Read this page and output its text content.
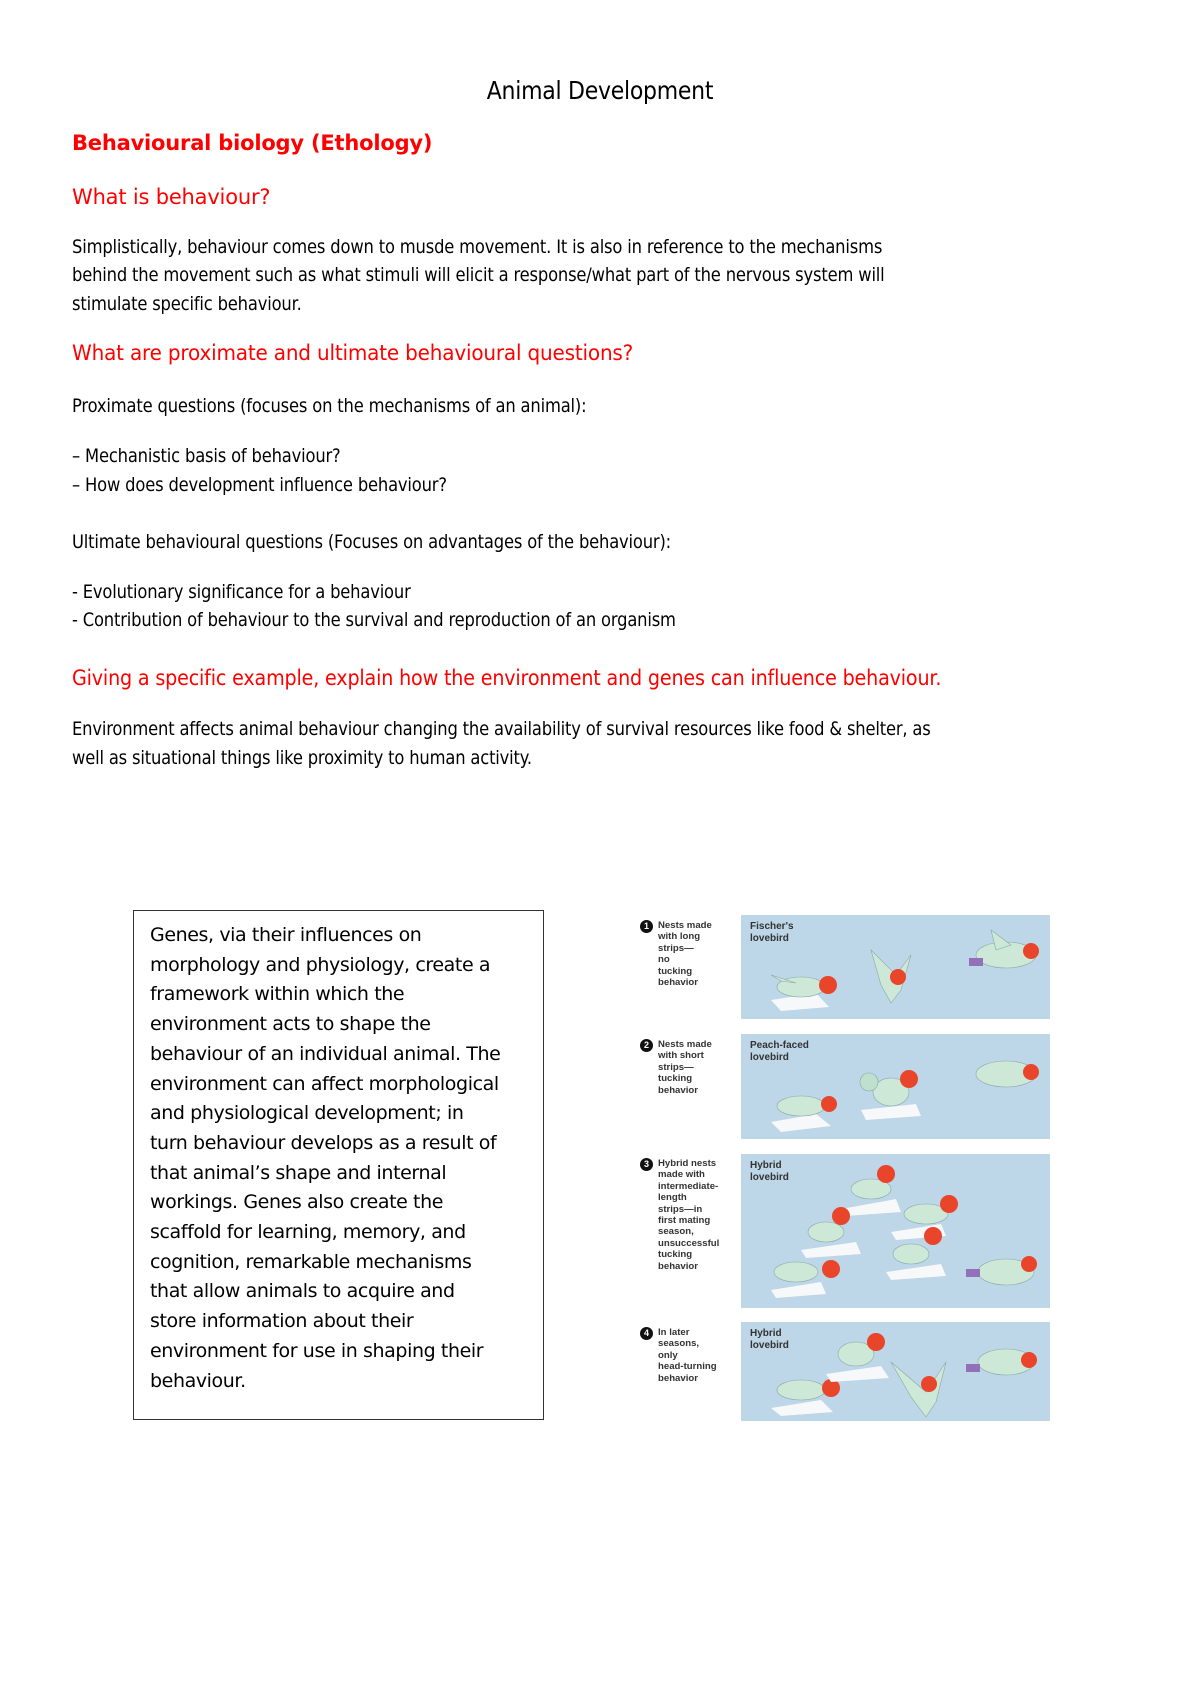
Animal Development
Behavioural biology (Ethology)
What is behaviour?
Simplistically, behaviour comes down to musde movement. It is also in reference to the mechanisms
behind the movement such as what stimuli will elicit a response/what part of the nervous system will
stimulate specific behaviour.
What are proximate and ultimate behavioural questions?
Proximate questions (focuses on the mechanisms of an animal):
– Mechanistic basis of behaviour?
– How does development influence behaviour?
Ultimate behavioural questions (Focuses on advantages of the behaviour):
- Evolutionary significance for a behaviour
- Contribution of behaviour to the survival and reproduction of an organism
Giving a specific example, explain how the environment and genes can influence behaviour.
Environment affects animal behaviour changing the availability of survival resources like food & shelter, as
well as situational things like proximity to human activity.
Genes, via their influences on
morphology and physiology, create a
framework within which the
environment acts to shape the
behaviour of an individual animal. The
environment can affect morphological
and physiological development; in
turn behaviour develops as a result of
that animal’s shape and internal
workings. Genes also create the
scaffold for learning, memory, and
cognition, remarkable mechanisms
that allow animals to acquire and
store information about their
environment for use in shaping their
behaviour.
1 Nests made
with long
strips—
no
tucking
behavior
Fischer's
lovebird
2 Nests made
with short
strips—
tucking
behavior
Peach-faced
lovebird
3 Hybrid nests
made with
intermediate-
length
strips—in
first mating
season,
unsuccessful
tucking
behavior
Hybrid
lovebird
4 In later
seasons,
only
head-turning
behavior
Hybrid
lovebird
